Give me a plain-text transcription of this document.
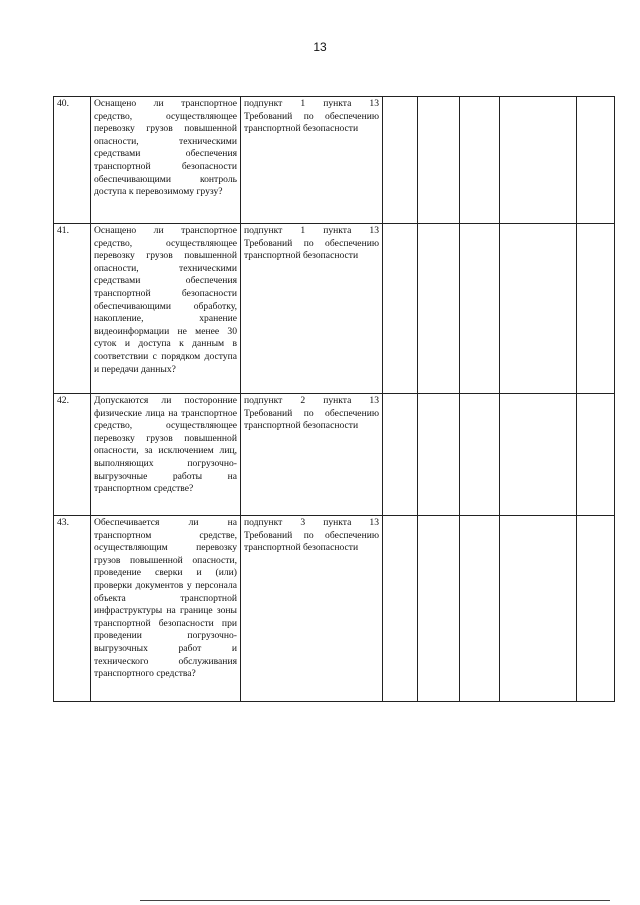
13
40.	Оснащено ли транспортное средство, осуществляющее перевозку грузов повышенной опасности, техническими средствами обеспечения транспортной безопасности обеспечивающими контроль доступа к перевозимому грузу?	подпункт 1 пункта 13 Требований по обеспечению транспортной безопасности					
41.	Оснащено ли транспортное средство, осуществляющее перевозку грузов повышенной опасности, техническими средствами обеспечения транспортной безопасности обеспечивающими обработку, накопление, хранение видеоинформации не менее 30 суток и доступа к данным в соответствии с порядком доступа и передачи данных?	подпункт 1 пункта 13 Требований по обеспечению транспортной безопасности					
42.	Допускаются ли посторонние физические лица на транспортное средство, осуществляющее перевозку грузов повышенной опасности, за исключением лиц, выполняющих погрузочно-выгрузочные работы на транспортном средстве?	подпункт 2 пункта 13 Требований по обеспечению транспортной безопасности					
43.	Обеспечивается ли на транспортном средстве, осуществляющим перевозку грузов повышенной опасности, проведение сверки и (или) проверки документов у персонала объекта транспортной инфраструктуры на границе зоны транспортной безопасности при проведении погрузочно-выгрузочных работ и технического обслуживания транспортного средства?	подпункт 3 пункта 13 Требований по обеспечению транспортной безопасности					
